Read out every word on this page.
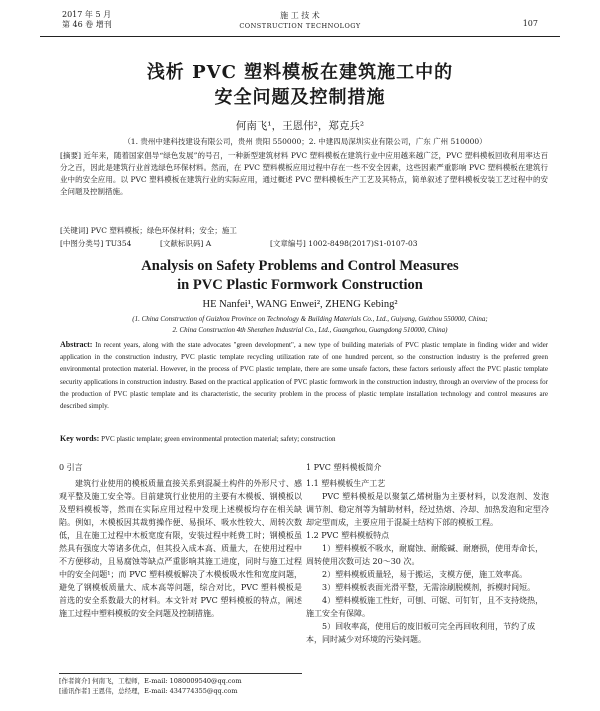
2017 年 5 月
第 46 卷 增刊
施 工 技 术
CONSTRUCTION TECHNOLOGY	107
浅析 PVC 塑料模板在建筑施工中的
安全问题及控制措施
何南飞¹，王恩伟²，郑克兵²
（1. 贵州中建科技建设有限公司，贵州 贵阳 550000；2. 中建四局深圳实业有限公司，广东 广州 510000）
[摘要] 近年来，随着国家倡导“绿色发展”的号召，一种新型建筑材料 PVC 塑料模板在建筑行业中应用越来越广泛，PVC 塑料模板回收利用率达百分之百，因此是建筑行业首选绿色环保材料。然而，在 PVC 塑料模板应用过程中存在一些不安全因素，这些因素严重影响 PVC 塑料模板在建筑行业中的安全应用。以 PVC 塑料模板在建筑行业的实际应用，通过概述 PVC 塑料模板生产工艺及其特点，简单叙述了塑料模板安装工艺过程中的安全问题及控制措施。
[关键词] PVC 塑料模板；绿色环保材料；安全；施工
[中图分类号] TU354	[文献标识码] A	[文章编号] 1002-8498(2017)S1-0107-03
Analysis on Safety Problems and Control Measures
in PVC Plastic Formwork Construction
HE Nanfei¹, WANG Enwei², ZHENG Kebing²
(1. China Construction of Guizhou Province on Technology & Building Materials Co., Ltd., Guiyang, Guizhou 550000, China;
2. China Construction 4th Shenzhen Industrial Co., Ltd., Guangzhou, Guangdong 510000, China)
Abstract: In recent years, along with the state advocates "green development", a new type of building materials of PVC plastic template in finding wider and wider application in the construction industry, PVC plastic template recycling utilization rate of one hundred percent, so the construction industry is the preferred green environmental protection material. However, in the process of PVC plastic template, there are some unsafe factors, these factors seriously affect the PVC plastic template security applications in construction industry. Based on the practical application of PVC plastic formwork in the construction industry, through an overview of the process for the production of PVC plastic template and its characteristic, the security problem in the process of plastic template installation technology and control measures are described simply.
Key words: PVC plastic template; green environmental protection material; safety; construction
0 引言

建筑行业使用的模板质量直接关系到混凝土构件的外形尺寸、感观平整及施工安全等。目前建筑行业使用的主要有木模板、钢模板以及塑料模板等，然而在实际应用过程中发现上述模板均存在相关缺陷。例如，木模板因其裁剪操作便、易损坏、吸水性较大、周转次数低，且在施工过程中木板宽度有限，安装过程中耗费工时；钢模板虽然具有强度大等诸多优点，但其投入成本高、质量大，在使用过程中不方便移动，且易腐蚀等缺点严重影响其施工进度，同时与施工过程中的安全问题¹；而 PVC 塑料模板解决了木模板吸水性和宽度问题，避免了钢模板质量大、成本高等问题，综合对比，PVC 塑料模板是首选的安全系数最大的材料。本文针对 PVC 塑料模板的特点，阐述施工过程中塑料模板的安全问题及控制措施。

1 PVC 塑料模板简介
1.1 塑料模板生产工艺

PVC 塑料模板是以聚氯乙烯树脂为主要材料，以发泡剂、发泡调节剂、稳定剂等为辅助材料，经过热熔、冷却、加热发泡和定型冷却定型而成，主要应用于混凝土结构下部的模板工程。

1.2 PVC 塑料模板特点
1）塑料模板不吸水，耐腐蚀、耐酸碱、耐磨损，使用寿命长，周转使用次数可达 20～30 次。
2）塑料模板质量轻，易于搬运，支模方便，施工效率高。
3）塑料模板表面光滑平整，无需涂刷脱模剂，拆模时间短。
4）塑料模板施工性好，可刨、可锯、可钉钉，且不支持烧热，施工安全有保障。
5）回收率高，使用后的废旧板可完全再回收利用，节约了成本，同时减少对环境的污染问题。
[作者简介] 何南飞，工程师，E-mail: 1080009540@qq.com
[通讯作者] 王恩伟，总经理，E-mail: 434774355@qq.com
